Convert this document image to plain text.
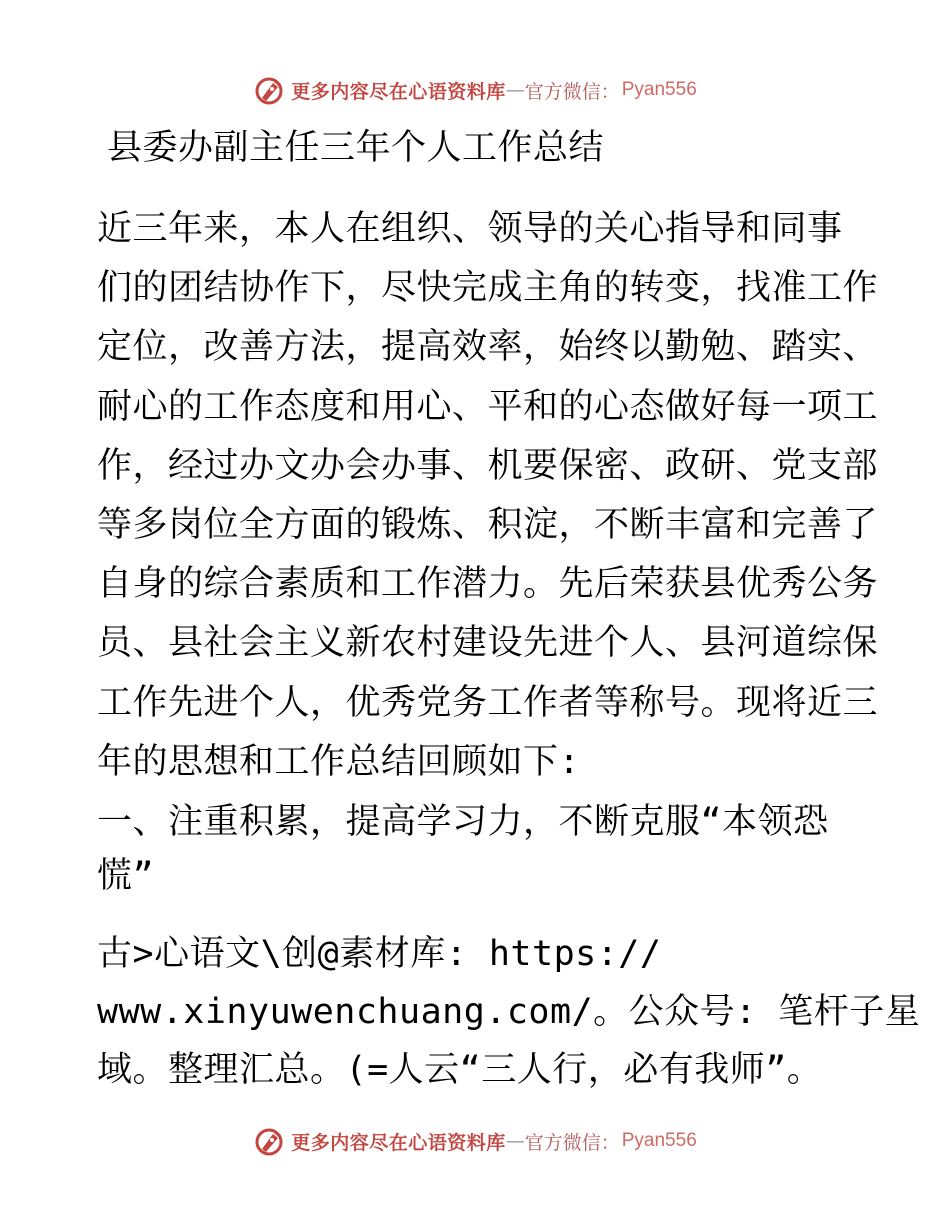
更多内容尽在心语资料库 — 官方微信： Pyan556
县委办副主任三年个人工作总结
近三年来，本人在组织、领导的关心指导和同事
们的团结协作下，尽快完成主角的转变，找准工作
定位，改善方法，提高效率，始终以勤勉、踏实、
耐心的工作态度和用心、平和的心态做好每一项工
作，经过办文办会办事、机要保密、政研、党支部
等多岗位全方面的锻炼、积淀，不断丰富和完善了
自身的综合素质和工作潜力。先后荣获县优秀公务
员、县社会主义新农村建设先进个人、县河道综保
工作先进个人，优秀党务工作者等称号。现将近三
年的思想和工作总结回顾如下:
一、注重积累，提高学习力，不断克服“本领恐
慌”
古>心语文\创@素材库: https://
www.xinyuwenchuang.com/。公众号: 笔杆子星
域。整理汇总。(=人云“三人行，必有我师”。
更多内容尽在心语资料库 — 官方微信： Pyan556
